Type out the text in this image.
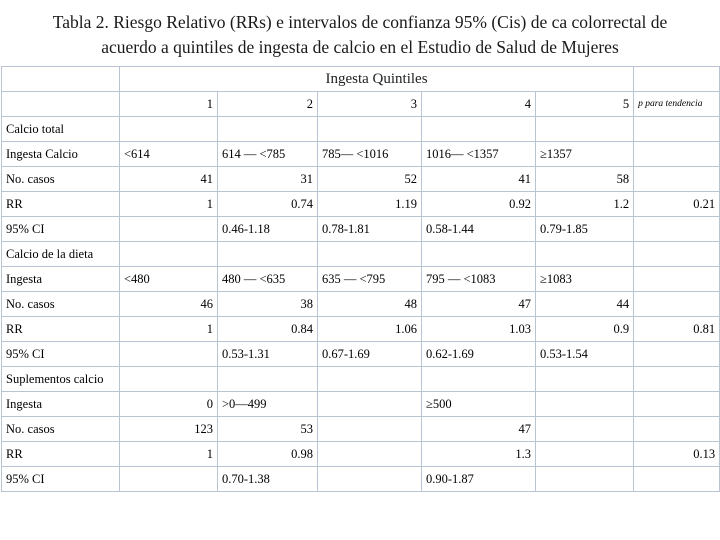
Tabla 2. Riesgo Relativo (RRs) e intervalos de confianza 95% (Cis) de ca colorrectal de acuerdo a quintiles de ingesta de calcio en el Estudio de Salud de Mujeres
	Ingesta Quintiles					
	1	2	3	4	5	p para tendencia
Calcio total						
Ingesta Calcio	<614	614 — <785	785— <1016	1016— <1357	≥1357	
No. casos	41	31	52	41	58	
RR	1	0.74	1.19	0.92	1.2	0.21
95% CI		0.46-1.18	0.78-1.81	0.58-1.44	0.79-1.85	
Calcio de la dieta						
Ingesta	<480	480 — <635	635 — <795	795 — <1083	≥1083	
No. casos	46	38	48	47	44	
RR	1	0.84	1.06	1.03	0.9	0.81
95% CI		0.53-1.31	0.67-1.69	0.62-1.69	0.53-1.54	
Suplementos calcio						
Ingesta	0	>0—499		≥500		
No. casos	123	53		47		
RR	1	0.98		1.3		0.13
95% CI		0.70-1.38		0.90-1.87		
